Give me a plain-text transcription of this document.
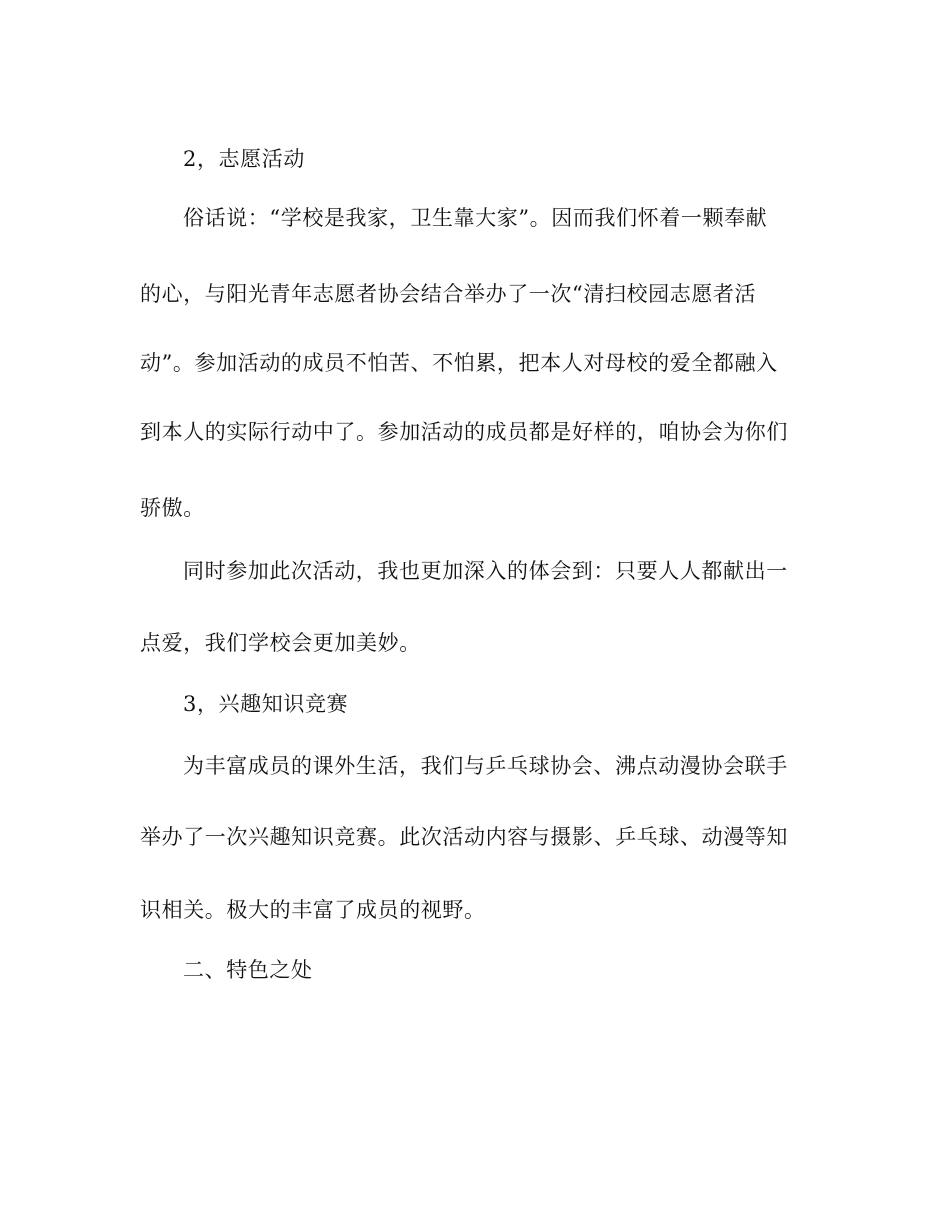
2，志愿活动
俗话说：“学校是我家，卫生靠大家”。因而我们怀着一颗奉献
的心，与阳光青年志愿者协会结合举办了一次“清扫校园志愿者活
动”。参加活动的成员不怕苦、不怕累，把本人对母校的爱全都融入
到本人的实际行动中了。参加活动的成员都是好样的，咱协会为你们
骄傲。
同时参加此次活动，我也更加深入的体会到：只要人人都献出一
点爱，我们学校会更加美妙。
3，兴趣知识竞赛
为丰富成员的课外生活，我们与乒乓球协会、沸点动漫协会联手
举办了一次兴趣知识竞赛。此次活动内容与摄影、乒乓球、动漫等知
识相关。极大的丰富了成员的视野。
二、特色之处
